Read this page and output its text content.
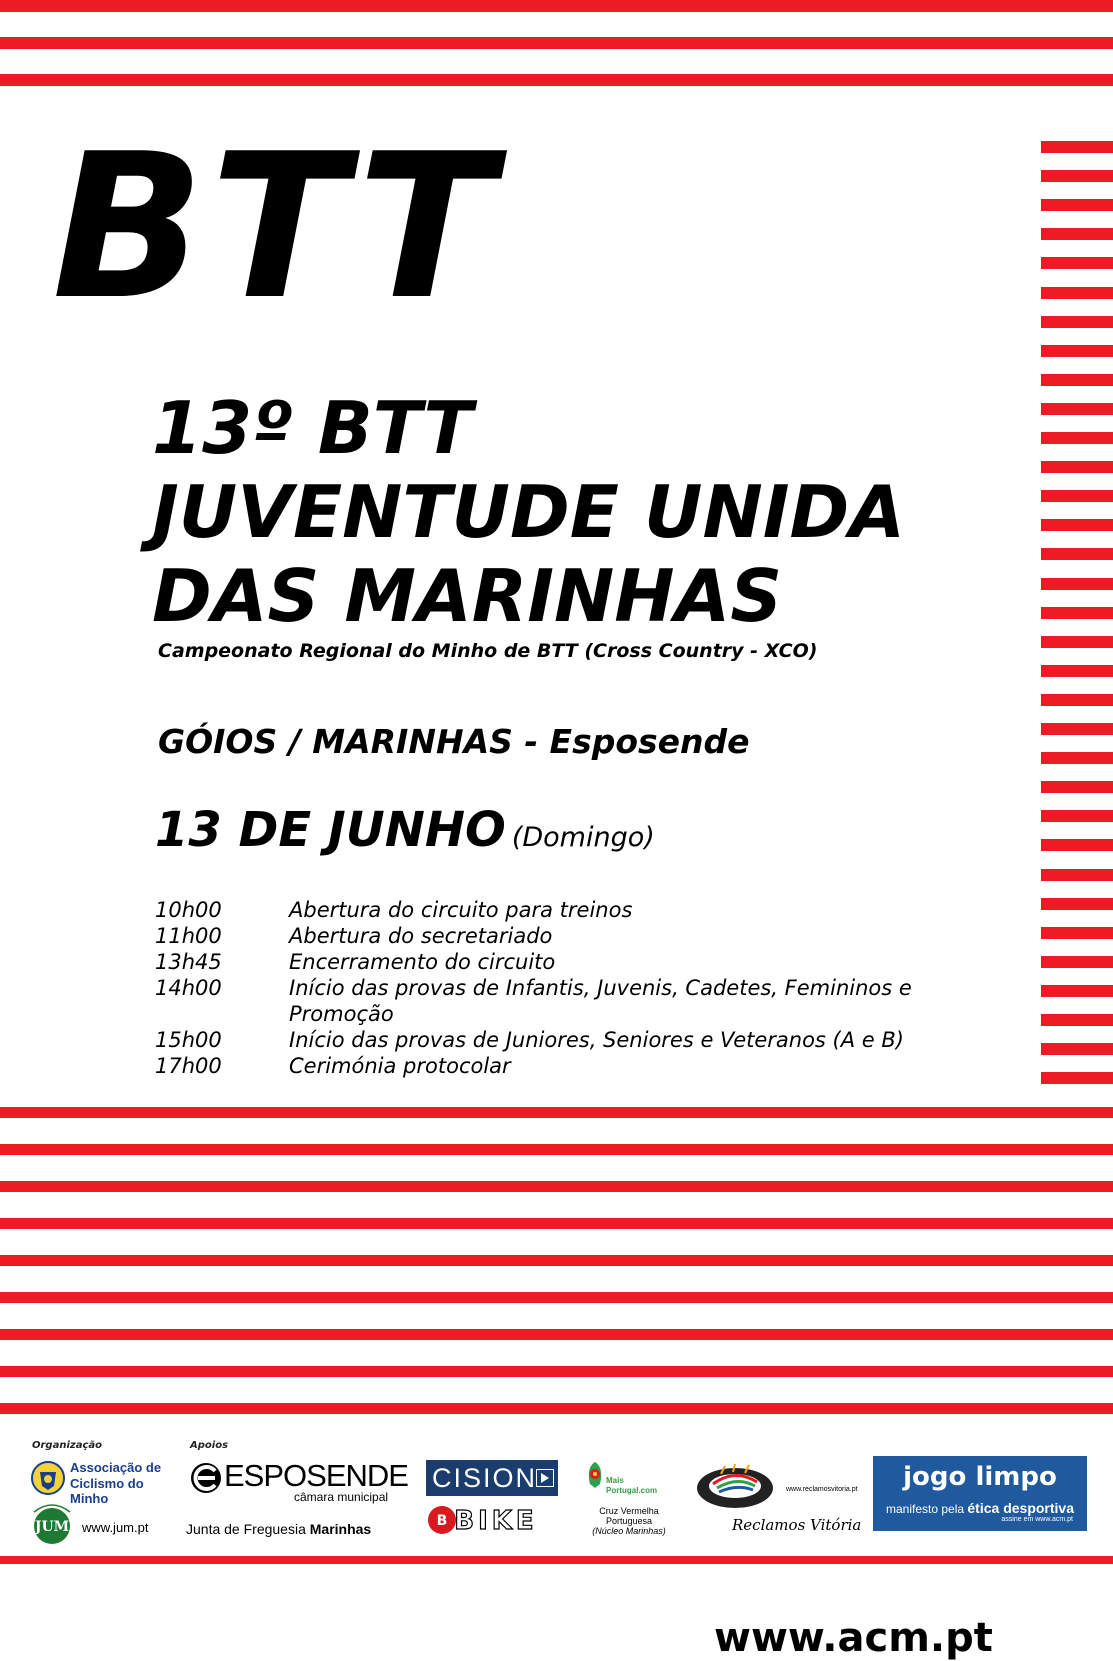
BTT
13º BTT
JUVENTUDE UNIDA
DAS MARINHAS
Campeonato Regional do Minho de BTT (Cross Country - XCO)
GÓIOS / MARINHAS - Esposende
13 DE JUNHO (Domingo)
10h00	Abertura do circuito para treinos
11h00	Abertura do secretariado
13h45	Encerramento do circuito
14h00	Início das provas de Infantis, Juvenis, Cadetes, Femininos e Promoção
15h00	Início das provas de Juniores, Seniores e Veteranos (A e B)
17h00	Cerimónia protocolar
www.acm.pt
Organização	Apoios
Associação de
Ciclismo do Minho
JUM www.jum.pt
ESPOSENDE
câmara municipal
Junta de Freguesia Marinhas
CISION
B BIKE
Mais Portugal.com
Cruz Vermelha
Portuguesa
(Núcleo Marinhas)
www.reclamosvitoria.pt
Reclamos Vitória
jogo limpo
manifesto pela ética desportiva
assine em www.acm.pt
